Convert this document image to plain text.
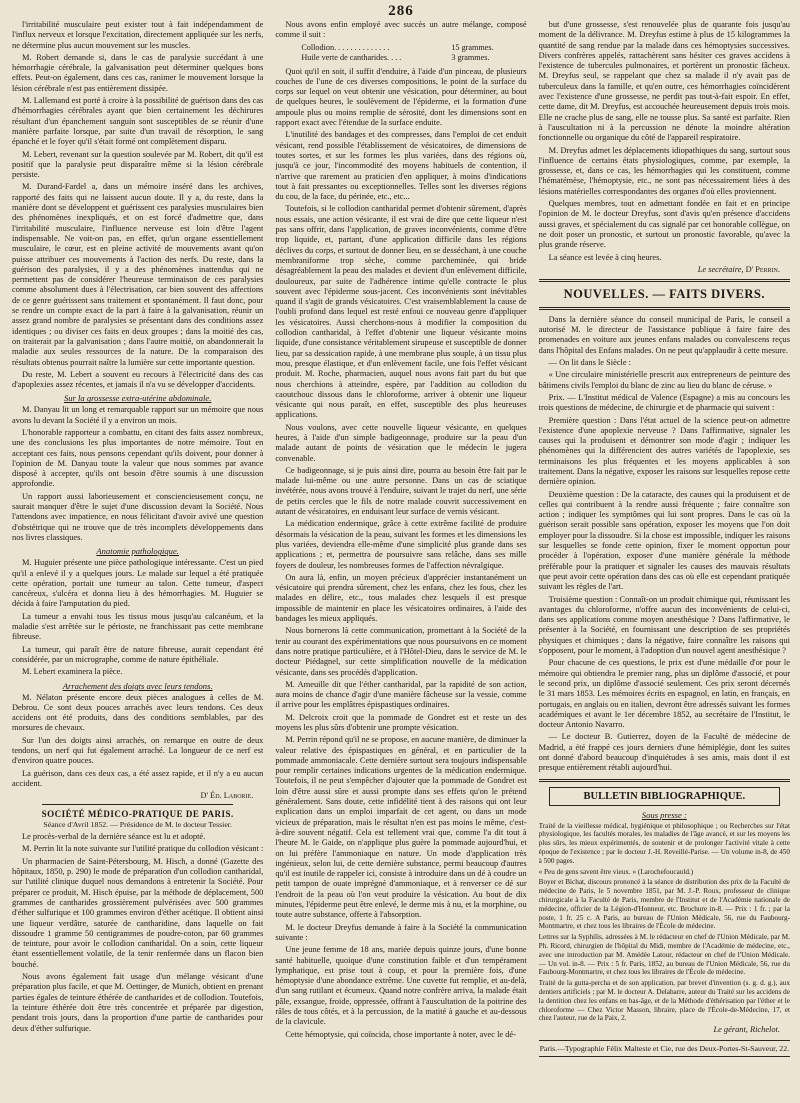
286

l'irritabilité musculaire peut exister tout à fait indépendamment de l'influx nerveux et lorsque l'excitation, directement appliquée sur les nerfs, ne détermine plus aucun mouvement sur les muscles.

M. Robert demande si, dans le cas de paralysie succédant à une hémorrhagie cérébrale, la galvanisation peut déterminer quelques bons effets. Peut-on également, dans ces cas, ranimer le mouvement lorsque la lésion cérébrale n'est pas entièrement dissipée.

M. Lallemand est porté à croire à la possibilité de guérison dans des cas d'hémorrhagies cérébrales ayant que bien certainement les déchirures résultant d'un épanchement sanguin sont susceptibles de se réunir d'une manière parfaite lorsque, par suite d'un travail de résorption, le sang épanché et le foyer qu'il s'était formé ont complètement disparu.

M. Lebert, revenant sur la question soulevée par M. Robert, dit qu'il est positif que la paralysie peut disparaître même si la lésion cérébrale persiste.

M. Durand-Fardel a, dans un mémoire inséré dans les archives, rapporté des faits qui ne laissent aucun doute. Il y a, du reste, dans la manière dont se développent et guérissent ces paralysies musculaires bien des phénomènes inexpliqués, et on est forcé d'admettre que, dans l'irritabilité musculaire, l'influence nerveuse est loin d'être l'agent indispensable. Ne voit-on pas, en effet, qu'un organe essentiellement musculaire, le cœur, est en pleine activité de mouvements avant qu'on puisse attribuer ces mouvements à l'action des nerfs. Du reste, dans la guérison des paralysies, il y a des phénomènes inattendus qui ne permettent pas de considérer l'heureuse terminaison de ces paralysies comme absolument dues à l'électrisation, car bien souvent des affections de ce genre guérissent sans traitement et spontanément. Il faut donc, pour se rendre un compte exact de la part à faire à la galvanisation, réunir un assez grand nombre de paralysies se présentant dans des conditions assez identiques ; ou diviser ces faits en deux groupes ; dans la moitié des cas, on traiterait par la galvanisation ; dans l'autre moitié, on abandonnerait la maladie aux seules ressources de la nature. De la comparaison des résultats obtenus pourrait naître la lumière sur cette importante question.

Du reste, M. Lebert a souvent eu recours à l'électricité dans des cas d'apoplexies assez récentes, et jamais il n'a vu se développer d'accidents.

Sur la grossesse extra-utérine abdominale.

M. Danyau lit un long et remarquable rapport sur un mémoire que nous avons lu devant la Société il y a environ un mois.

L'honorable rapporteur a combattu, en citant des faits assez nombreux, une des conclusions les plus importantes de notre mémoire. Tout en acceptant ces faits, nous pensons cependant qu'ils doivent, pour donner à l'opinion de M. Danyau toute la valeur que nous sommes par avance disposé à accepter, qu'ils ont besoin d'être soumis à une discussion approfondie.

Un rapport aussi laborieusement et consciencieusement conçu, ne saurait manquer d'être le sujet d'une discussion devant la Société. Nous l'attendons avec impatience, en nous félicitant d'avoir avivé une question d'obstétrique qui ne trouve que de très incomplets développements dans nos livres classiques.

Anatomie pathologique.

M. Huguier présente une pièce pathologique intéressante. C'est un pied qu'il a enlevé il y a quelques jours. Le malade sur lequel a été pratiquée cette opération, portait une tumeur au talon. Cette tumeur, d'aspect cancéreux, s'ulcéra et donna lieu à des hémorrhagies. M. Huguier se décida à faire l'amputation du pied.

La tumeur a envahi tous les tissus mous jusqu'au calcanéum, et la maladie s'est arrêtée sur le périoste, ne franchissant pas cette membrane fibreuse.

La tumeur, qui paraît être de nature fibreuse, aurait cependant été considérée, par un micrographe, comme de nature épithéliale.

M. Lebert examinera la pièce.

Arrachement des doigts avec leurs tendons.

M. Nélaton présente encore deux pièces analogues à celles de M. Debrou. Ce sont deux pouces arrachés avec leurs tendons. Ces deux accidens ont été produits, dans des conditions semblables, par des morsures de chevaux.

Sur l'un des doigts ainsi arrachés, on remarque en outre de deux tendons, un nerf qui fut également arraché. La longueur de ce nerf est d'environ quatre pouces.

La guérison, dans ces deux cas, a été assez rapide, et il n'y a eu aucun accident.

D' Éd. Laborie.
SOCIÉTÉ MÉDICO-PRATIQUE DE PARIS.
Séance d'Avril 1852. — Présidence de M. le docteur Tessier.

Le procès-verbal de la dernière séance est lu et adopté.

M. Perrin lit la note suivante sur l'utilité pratique du collodion vésicant :

Un pharmacien de Saint-Pétersbourg, M. Hisch, a donné (Gazette des hôpitaux, 1850, p. 290) le mode de préparation d'un collodion cantharidal, sur l'utilité clinique duquel nous demandons à entretenir la Société. Pour préparer ce produit, M. Hisch épuise, par la méthode de déplacement, 500 grammes de cantharides grossièrement pulvérisées avec 500 grammes d'éther sulfurique et 100 grammes environ d'éther acétique. Il obtient ainsi une liqueur verdâtre, saturée de cantharidine, dans laquelle on fait dissoudre 1 gramme 50 centigrammes de poudre-coton, par 60 grammes de teinture, pour avoir le collodion cantharidal. On a soin, cette liqueur étant essentiellement volatile, de la tenir renfermée dans un flacon bien bouché.

Nous avons également fait usage d'un mélange vésicant d'une préparation plus facile, et que M. Oettinger, de Munich, obtient en prenant parties égales de teinture éthérée de cantharides et de collodion. Toutefois, la teinture éthérée doit être très concentrée et préparée par digestion, pendant trois jours, dans la proportion d'une partie de cantharides pour deux d'éther sulfurique.

Nous avons enfin employé avec succès un autre mélange, composé comme il suit :

Collodion. . . . . . . . . . . . . .	15 grammes.
Huile verte de cantharides. . . .	3 grammes.

Quoi qu'il en soit, il suffit d'enduire, à l'aide d'un pinceau, de plusieurs couches de l'une de ces diverses compositions, le point de la surface du corps sur lequel on veut obtenir une vésication, pour déterminer, au bout de quelques heures, le soulèvement de l'épiderme, et la formation d'une ampoule plus ou moins remplie de sérosité, dont les dimensions sont en rapport exact avec l'étendue de la surface enduite.

L'inutilité des bandages et des compresses, dans l'emploi de cet enduit vésicant, rend possible l'établissement de vésicatoires, de dimensions de toutes sortes, et sur les formes les plus variées, dans des régions où, jusqu'à ce jour, l'incommodité des moyens habituels de contention, il n'arrive que rarement au praticien d'en appliquer, à moins d'indications tout à fait pressantes ou exceptionnelles. Telles sont les diverses régions du cou, de la face, du périnée, etc., etc...

Toutefois, si le collodion cantharidal permet d'obtenir sûrement, d'après nous essais, une action vésicante, il est vrai de dire que cette liqueur n'est pas sans offrir, dans l'application, de graves inconvénients, comme d'être trop liquide, et, partant, d'une application difficile dans les régions déclives du corps, et surtout de donner lieu, en se desséchant, à une couche membraniforme trop sèche, comme parcheminée, qui bride désagréablement la peau des malades et devient d'un enlèvement difficile, douloureux, par suite de l'adhérence intime qu'elle contracte le plus souvent avec l'épiderme sous-jacent. Ces inconvénients sont inévitables quand il s'agit de grands vésicatoires. C'est vraisemblablement la cause de l'oubli profond dans lequel est resté enfoui ce nouveau genre d'appliquer les vésicatoires. Aussi cherchons-nous à modifier la composition du collodion cantharidal, à l'effet d'obtenir une liqueur vésicante moins liquide, d'une consistance véritablement sirupeuse et susceptible de donner lieu, par sa dessication rapide, à une membrane plus souple, à un tissu plus mou, presque élastique, et d'un enlèvement facile, une fois l'effet vésicant produit. M. Roche, pharmacien, auquel nous avons fait part du but que nous cherchions à atteindre, espère, par l'addition au collodion du caoutchouc dissous dans le chloroforme, arriver à obtenir une liqueur vésicante qui nous paraît, en effet, susceptible des plus heureuses applications.

Nous voulons, avec cette nouvelle liqueur vésicante, en quelques heures, à l'aide d'un simple badigeonnage, produire sur la peau d'un malade autant de points de vésication que le médecin le jugera convenable.

Ce badigeonnage, si je puis ainsi dire, pourra au besoin être fait par le malade lui-même ou une autre personne. Dans un cas de sciatique invétérée, nous avons trouvé à l'enduire, suivant le trajet du nerf, une série de petits cercles que le fils de notre malade couvrit successivement en autant de vésicatoires, en enduisant leur surface de vernis vésicant.

La médication endermique, grâce à cette extrême facilité de produire désormais la vésication de la peau, suivant les formes et les dimensions les plus variées, deviendra elle-même d'une simplicité plus grande dans ses applications ; et, permettra de poursuivre sans relâche, dans ses mille foyers de douleur, les nombreuses formes de l'affection névralgique.

On aura là, enfin, un moyen précieux d'apprécier instantanément un vésicatoire qui prendra sûrement, chez les enfans, chez les fous, chez les malades en délire, etc., tous malades chez lesquels il est presque impossible de maintenir en place les vésicatoires ordinaires, à l'aide des bandages les mieux appliqués.

Nous bornerons là cette communication, promettant à la Société de la tenir au courant des expérimentations que nous poursuivons en ce moment dans notre pratique particulière, et à l'Hôtel-Dieu, dans le service de M. le docteur Piédagnel, sur cette simplification nouvelle de la médication vésicante, dans ses procédés d'application.

M. Ameuille dit que l'éther cantharidal, par la rapidité de son action, aura moins de chance d'agir d'une manière fâcheuse sur la vessie, comme il arrive pour les emplâtres épispastiques ordinaires.

M. Delcroix croit que la pommade de Gondret est et reste un des moyens les plus sûrs d'obtenir une prompte vésication.

M. Perrin répond qu'il ne se propose, en aucune manière, de diminuer la valeur relative des épispastiques en général, et en particulier de la pommade ammoniacale. Cette dernière surtout sera toujours indispensable pour remplir certaines indications urgentes de la médication endermique. Toutefois, il ne peut s'empêcher d'ajouter que la pommade de Gondret est loin d'être aussi sûre et aussi prompte dans ses effets qu'on le prétend généralement. Sans doute, cette infidélité tient à des raisons qui ont leur explication dans un emploi imparfait de cet agent, ou dans un mode vicieux de préparation, mais le résultat n'en est pas moins le même, c'est-à-dire souvent négatif. Cela est tellement vrai que, comme l'a dit tout à l'heure M. le Gaide, on n'applique plus guère la pommade aujourd'hui, et on lui préfère l'ammoniaque en nature. Un mode d'application très ingénieux, selon lui, de cette dernière substance, permi beaucoup d'autres qu'il est inutile de rappeler ici, consiste à introduire dans un dé à coudre un petit tampon de ouate imprégné d'ammoniaque, et à renverser ce dé sur l'endroit de la peau où l'on veut produire la vésication. Au bout de dix minutes, l'épiderme peut être enlevé, le derme mis à nu, et la morphine, ou toute autre substance, offerte à l'absorption.

M. le docteur Dreyfus demande à faire à la Société la communication suivante :

Une jeune femme de 18 ans, mariée depuis quinze jours, d'une bonne santé habituelle, quoique d'une constitution faible et d'un tempérament lymphatique, est prise tout à coup, et pour la première fois, d'une hémoptysie d'une abondance extrême. Une cuvette fut remplie, et au-delà, d'un sang rutilant et écumeux. Quand notre confrère arriva, la malade était pâle, exsangue, froide, oppressée, offrant à l'auscultation de la poitrine des râles de tous côtés, et à la percussion, de la matité à gauche et au-dessous de la clavicule.

Cette hémoptysie, qui coïncida, chose importante à noter, avec le dé-

but d'une grossesse, s'est renouvelée plus de quarante fois jusqu'au moment de la délivrance. M. Dreyfus estime à plus de 15 kilogrammes la quantité de sang rendue par la malade dans ces hémoptysies successives. Divers confrères appelés, rattachèrent sans hésiter ces graves accidens à l'existence de tubercules pulmonaires, et portèrent un pronostic fâcheux. M. Dreyfus seul, se rappelant que chez sa malade il n'y avait pas de tuberculeux dans la famille, et qu'en outre, ces hémorrhagies coïncidèrent avec l'existence d'une grossesse, ne perdit pas tout-à-fait espoir. En effet, cette dame, dit M. Dreyfus, est accouchée heureusement depuis trois mois. Elle ne crache plus de sang, elle ne tousse plus. Sa santé est parfaite. Rien à l'auscultation ni à la percussion ne dénote la moindre altération fonctionnelle ou organique du côté de l'appareil respiratoire.

M. Dreyfus admet les déplacements idiopathiques du sang, surtout sous l'influence de certains états physiologiques, comme, par exemple, la grossesse, et, dans ce cas, les hémorrhagies qui les constituent, comme l'hématémèse, l'hémoptysie, etc., ne sont pas nécessairement liées à des lésions matérielles correspondantes des organes d'où elles proviennent.

Quelques membres, tout en admettant fondée en fait et en principe l'opinion de M. le docteur Dreyfus, sont d'avis qu'en présence d'accidens aussi graves, et spécialement du cas signalé par cet honorable collègue, on ne doit poser un pronostic, et surtout un pronostic favorable, qu'avec la plus grande réserve.

La séance est levée à cinq heures.

Le secrétaire, D' Perrin.
NOUVELLES. — FAITS DIVERS.

Dans la dernière séance du conseil municipal de Paris, le conseil a autorisé M. le directeur de l'assistance publique à faire faire des promenades en voiture aux jeunes enfans malades ou convalescens reçus dans l'hôpital des Enfans malades. On ne peut qu'applaudir à cette mesure.

— On lit dans le Siècle :

« Une circulaire ministérielle prescrit aux entrepreneurs de peinture des bâtimens civils l'emploi du blanc de zinc au lieu du blanc de céruse. »

Prix. — L'Institut médical de Valence (Espagne) a mis au concours les trois questions de médecine, de chirurgie et de pharmacie qui suivent :

Première question : Dans l'état actuel de la science peut-on admettre l'existence d'une apoplexie nerveuse ? Dans l'affirmative, signaler les causes qui la produisent et démontrer son mode d'agir ; indiquer les phénomènes qui la différencient des autres variétés de l'apoplexie, ses terminaisons les plus fréquentes et les moyens applicables à son traitement. Dans la négative, exposer les raisons sur lesquelles repose cette dernière opinion.

Deuxième question : De la cataracte, des causes qui la produisent et de celles qui contribuent à la rendre aussi fréquente ; faire connaître son action ; indiquer les symptômes qui lui sont propres. Dans le cas où la guérison serait possible sans opération, exposer les moyens que l'on doit employer pour la dissoudre. Si la chose est impossible, indiquer les raisons sur lesquelles se fonde cette opinion, fixer le moment opportun pour procéder à l'opération, exposer d'une manière générale la méthode préférable pour la pratiquer et signaler les causes des mauvais résultats que peut avoir cette opération dans des cas où elle est cependant pratiquée suivant les règles de l'art.

Troisième question : Connaît-on un produit chimique qui, réunissant les avantages du chloroforme, n'offre aucun des inconvénients de celui-ci, dans ses applications comme moyen anesthésique ? Dans l'affirmative, le présenter à la Société, en fournissant une description de ses propriétés physiques et chimiques ; dans la négative, faire connaître les raisons qui s'opposent, pour le moment, à l'adoption d'un nouvel agent anesthésique ?

Pour chacune de ces questions, le prix est d'une médaille d'or pour le mémoire qui obtiendra le premier rang, plus un diplôme d'associé, et pour le second prix, un diplôme d'associé seulement. Ces prix seront décernés le 31 mars 1853. Les mémoires écrits en espagnol, en latin, en français, en portugais, en anglais ou en italien, devront être adressés suivant les formes académiques et avant le 1er décembre 1852, au secrétaire de l'Institut, le docteur Antonio Navarro.

— Le docteur B. Gutierrez, doyen de la Faculté de médecine de Madrid, a été frappé ces jours derniers d'une hémiplégie, dont les suites ont donné d'abord beaucoup d'inquiétudes à ses amis, mais dont il est presque entièrement rétabli aujourd'hui.

BULLETIN BIBLIOGRAPHIQUE.
Sous presse :

Traité de la vieillesse médical, hygiénique et philosophique ; ou Recherches sur l'état physiologique, les facultés morales, les maladies de l'âge avancé, et sur les moyens les plus sûrs, les mieux expérimentés, de soutenir et de prolonger l'activité vitale à cette époque de l'existence ; par le docteur J.-H. Reveillé-Parise. — Un volume in-8, de 450 à 500 pages.

« Peu de gens savent être vieux. » (Larochefoucauld.)

Boyer et Bichat, discours prononcé à la séance de distribution des prix de la Faculté de médecine de Paris, le 5 novembre 1851, par M. J.-P. Roux, professeur de clinique chirurgicale à la Faculté de Paris, membre de l'Institut et de l'Académie nationale de médecine, officier de la Légion-d'Honneur, etc. Brochure in-8. — Prix : 1 fr. ; par la poste, 1 fr. 25 c. A Paris, au bureau de l'Union Médicale, 56, rue du Faubourg-Montmartre, et chez tous les libraires de l'École de médecine.

Lettres sur la Syphilis, adressées à M. le rédacteur en chef de l'Union Médicale, par M. Ph. Ricord, chirurgien de l'hôpital du Midi, membre de l'Académie de médecine, etc., avec une introduction par M. Amédée Latour, rédacteur en chef de l'Union Médicale. — Un vol. in-8. — Prix : 5 fr. Paris, 1852, au bureau de l'Union Médicale, 56, rue du Faubourg-Montmartre, et chez tous les libraires de l'École de médecine.

Traité de la gutta-percha et de son application, par brevet d'invention (s. g. d. g.), aux dentiers artificiels ; par M. le docteur A. Delabarre, auteur du Traité sur les accidens de la dentition chez les enfans en bas-âge, et de la Méthode d'éthérisation par l'éther et le chloroforme — Chez Victor Masson, libraire, place de l'École-de-Médecine, 17, et chez l'auteur, rue de la Paix, 2.

Le gérant, Richelot.
Paris.—Typographie Félix Malteste et Cie, rue des Deux-Portes-St-Sauveur, 22.
